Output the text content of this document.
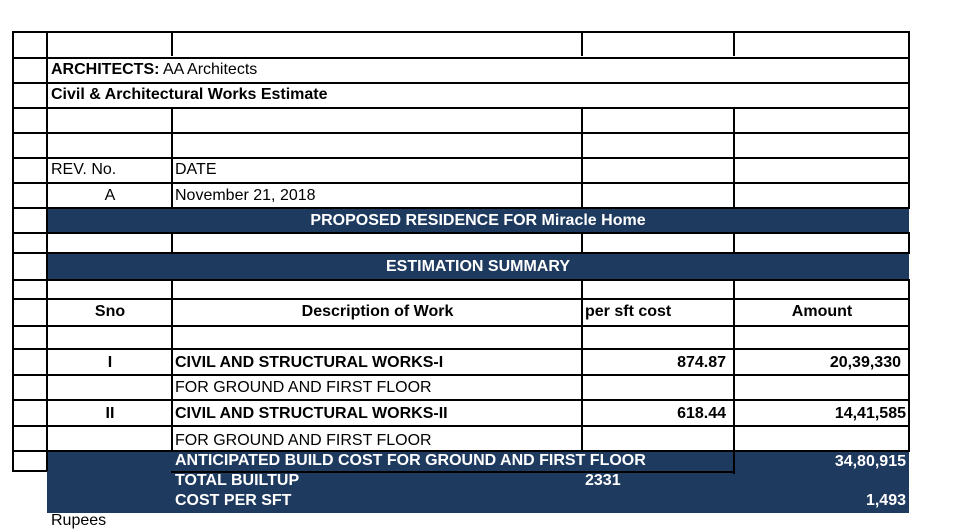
ARCHITECTS: AA Architects
Civil & Architectural Works Estimate
REV. No.	DATE
A	November 21, 2018
PROPOSED RESIDENCE FOR Miracle Home
ESTIMATION SUMMARY
Sno	Description of Work	per sft cost	Amount
I	CIVIL AND STRUCTURAL WORKS-I	874.87	20,39,330
FOR GROUND AND FIRST FLOOR
II	CIVIL AND STRUCTURAL WORKS-II	618.44	14,41,585
FOR GROUND AND FIRST FLOOR
ANTICIPATED BUILD COST FOR GROUND AND FIRST FLOOR	34,80,915
TOTAL BUILTUP	2331
COST PER SFT	1,493
Rupees
